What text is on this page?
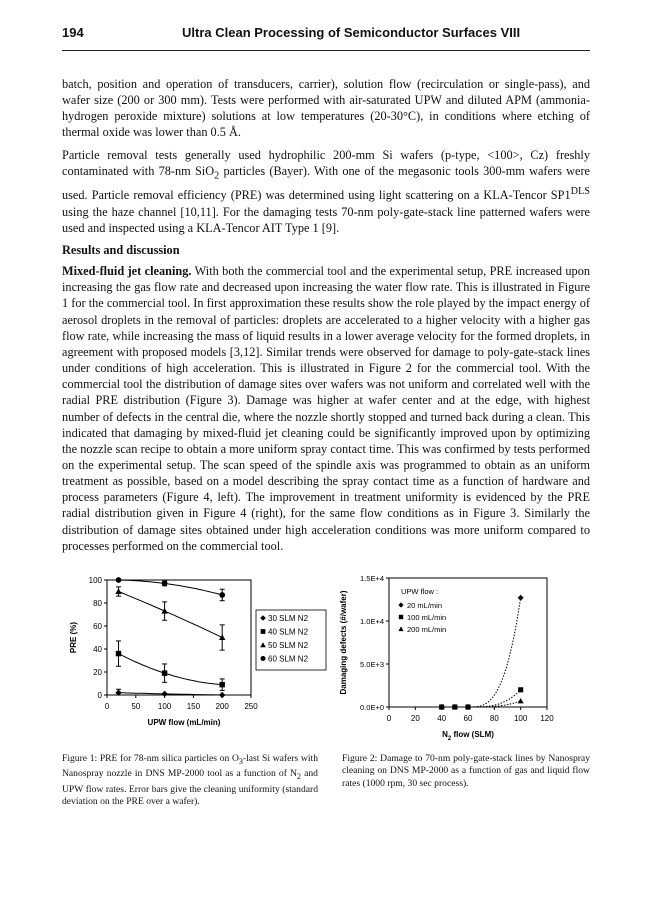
194	Ultra Clean Processing of Semiconductor Surfaces VIII

batch, position and operation of transducers, carrier), solution flow (recirculation or single-pass), and wafer size (200 or 300 mm). Tests were performed with air-saturated UPW and diluted APM (ammonia-hydrogen peroxide mixture) solutions at low temperatures (20-30°C), in conditions where etching of thermal oxide was lower than 0.5 Å.

Particle removal tests generally used hydrophilic 200-mm Si wafers (p-type, <100>, Cz) freshly contaminated with 78-nm SiO$_2$ particles (Bayer). With one of the megasonic tools 300-mm wafers were used. Particle removal efficiency (PRE) was determined using light scattering on a KLA-Tencor $SP1^{DLS}$ using the haze channel [10,11]. For the damaging tests 70-nm poly-gate-stack line patterned wafers were used and inspected using a KLA-Tencor AIT Type 1 [9].

Results and discussion

Mixed-fluid jet cleaning. With both the commercial tool and the experimental setup, PRE increased upon increasing the gas flow rate and decreased upon increasing the water flow rate. This is illustrated in Figure 1 for the commercial tool. In first approximation these results show the role played by the impact energy of aerosol droplets in the removal of particles: droplets are accelerated to a higher velocity with a higher gas flow rate, while increasing the mass of liquid results in a lower average velocity for the formed droplets, in agreement with proposed models [3,12]. Similar trends were observed for damage to poly-gate-stack lines under conditions of high acceleration. This is illustrated in Figure 2 for the commercial tool. With the commercial tool the distribution of damage sites over wafers was not uniform and correlated well with the radial PRE distribution (Figure 3). Damage was higher at wafer center and at the edge, with highest number of defects in the central die, where the nozzle shortly stopped and turned back during a clean. This indicated that damaging by mixed-fluid jet cleaning could be significantly improved upon by optimizing the nozzle scan recipe to obtain a more uniform spray contact time. This was confirmed by tests performed on the experimental setup. The scan speed of the spindle axis was programmed to obtain as an uniform treatment as possible, based on a model describing the spray contact time as a function of hardware and process parameters (Figure 4, left). The improvement in treatment uniformity is evidenced by the PRE radial distribution given in Figure 4 (right), for the same flow conditions as in Figure 3. Similarly the distribution of damage sites obtained under high acceleration conditions was more uniform compared to processes performed on the commercial tool.

0	50 100 150 200 250
0
20
40
60
80
100
UPW flow (mL/min)
PRE (%)
30 SLM N2
40 SLM N2
50 SLM N2
60 SLM N2
0 20 40 60 80 100 120
0.0E+0
5.0E+3
1.0E+4
1.5E+4
$N_2$ flow (SLM)
Damaging defects (#/wafer)	UPW flow :
20 mL/min
100 mL/min
200 mL/min
Figure 1: PRE for 78-nm silica particles on $O_3$-last Si wafers with Nanospray nozzle in DNS MP-2000 tool as a function of $N_2$ and UPW flow rates. Error bars give the cleaning uniformity (standard deviation on the PRE over a wafer).
Figure 2: Damage to 70-nm poly-gate-stack lines by Nanospray cleaning on DNS MP-2000 as a function of gas and liquid flow rates (1000 rpm, 30 sec process).
